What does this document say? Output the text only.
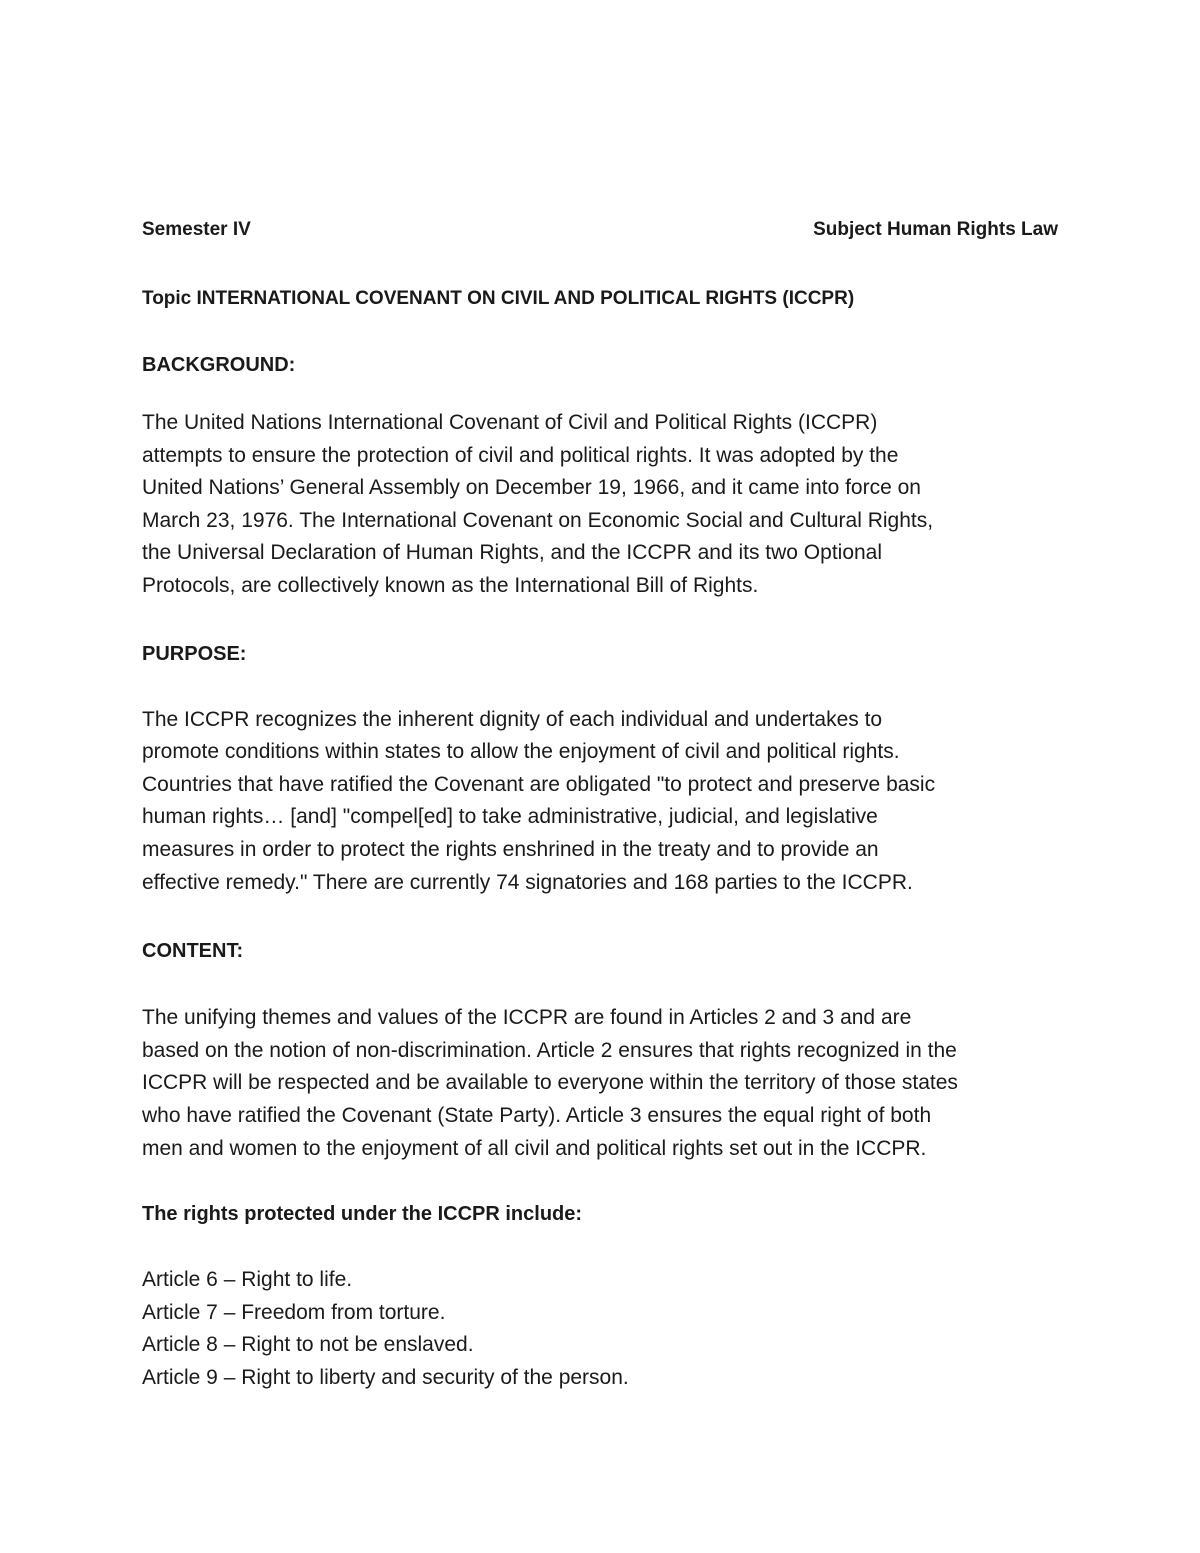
Semester IV	Subject Human Rights Law
Topic INTERNATIONAL COVENANT ON CIVIL AND POLITICAL RIGHTS (ICCPR)
BACKGROUND:

The United Nations International Covenant of Civil and Political Rights (ICCPR)
attempts to ensure the protection of civil and political rights. It was adopted by the
United Nations’ General Assembly on December 19, 1966, and it came into force on
March 23, 1976. The International Covenant on Economic Social and Cultural Rights,
the Universal Declaration of Human Rights, and the ICCPR and its two Optional
Protocols, are collectively known as the International Bill of Rights.

PURPOSE:

The ICCPR recognizes the inherent dignity of each individual and undertakes to
promote conditions within states to allow the enjoyment of civil and political rights.
Countries that have ratified the Covenant are obligated "to protect and preserve basic
human rights… [and] "compel[ed] to take administrative, judicial, and legislative
measures in order to protect the rights enshrined in the treaty and to provide an
effective remedy." There are currently 74 signatories and 168 parties to the ICCPR.

CONTENT:

The unifying themes and values of the ICCPR are found in Articles 2 and 3 and are
based on the notion of non-discrimination. Article 2 ensures that rights recognized in the
ICCPR will be respected and be available to everyone within the territory of those states
who have ratified the Covenant (State Party). Article 3 ensures the equal right of both
men and women to the enjoyment of all civil and political rights set out in the ICCPR.

The rights protected under the ICCPR include:
Article 6 – Right to life.
Article 7 – Freedom from torture.
Article 8 – Right to not be enslaved.
Article 9 – Right to liberty and security of the person.
